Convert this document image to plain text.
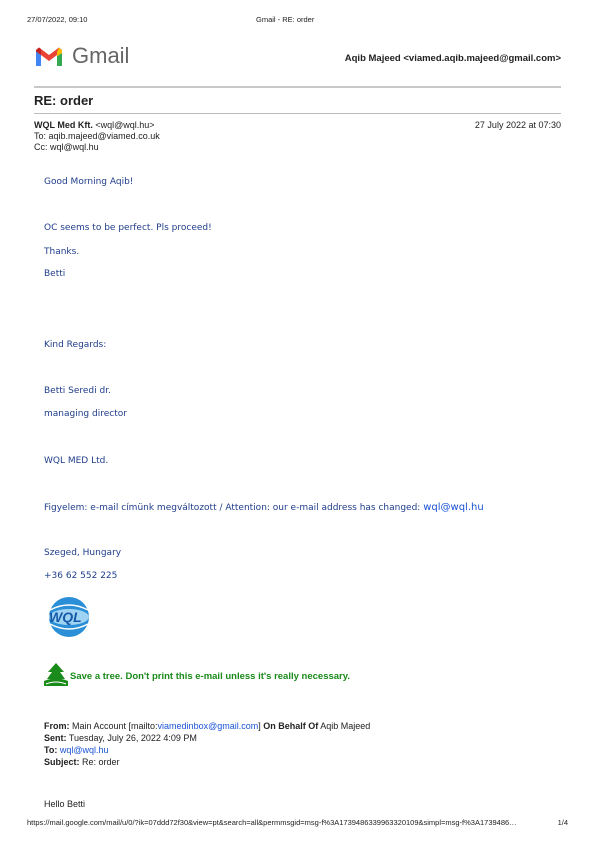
27/07/2022, 09:10	Gmail - RE: order
Gmail	Aqib Majeed <viamed.aqib.majeed@gmail.com>
RE: order
WQL Med Kft. <wql@wql.hu>	27 July 2022 at 07:30
To: aqib.majeed@viamed.co.uk
Cc: wql@wql.hu
Good Morning Aqib!
OC seems to be perfect. Pls proceed!
Thanks.
Betti
Kind Regards:
Betti Seredi dr.
managing director
WQL MED Ltd.
Figyelem: e-mail címünk megváltozott / Attention: our e-mail address has changed: wql@wql.hu
Szeged, Hungary
+36 62 552 225
WQL
Save a tree. Don't print this e-mail unless it's really necessary.
From: Main Account [mailto:viamedinbox@gmail.com] On Behalf Of Aqib Majeed
Sent: Tuesday, July 26, 2022 4:09 PM
To: wql@wql.hu
Subject: Re: order
Hello Betti
https://mail.google.com/mail/u/0/?ik=07ddd72f30&view=pt&search=all&permmsgid=msg-f%3A1739486339963320109&simpl=msg-f%3A1739486…	1/4
